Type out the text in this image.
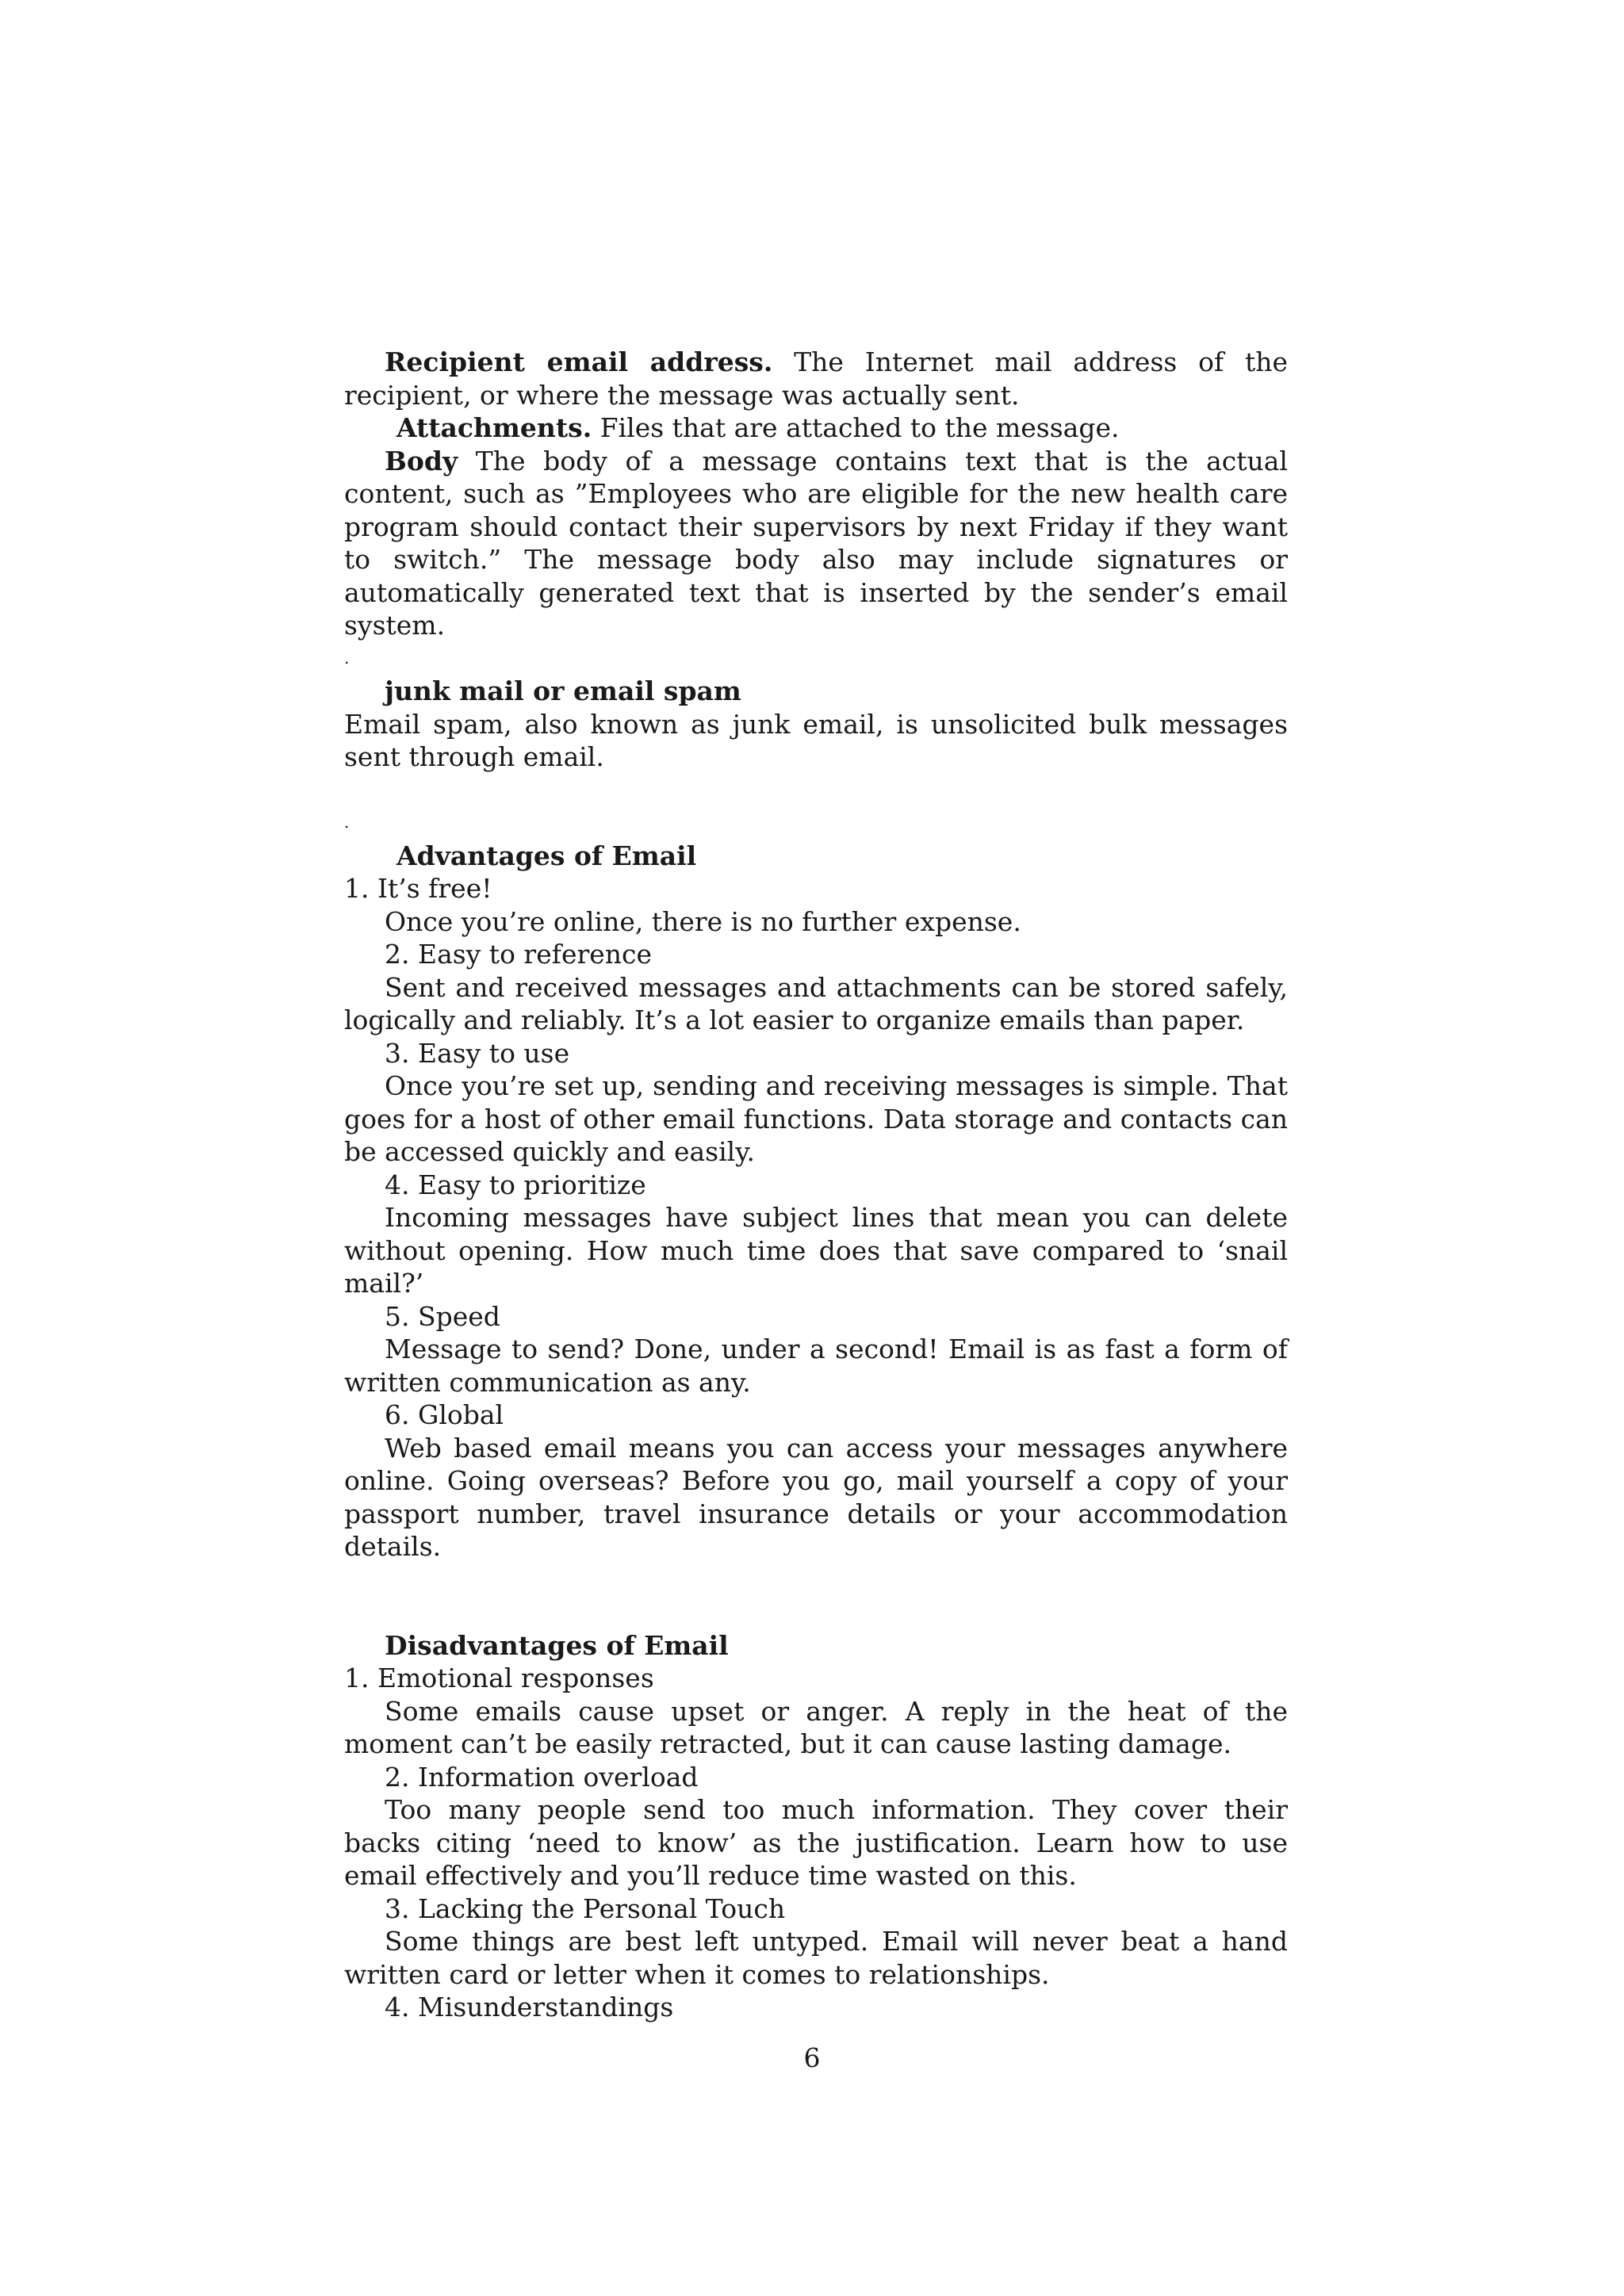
Recipient email address. The Internet mail address of the recipient, or where the message was actually sent.

Attachments. Files that are attached to the message.

Body The body of a message contains text that is the actual content, such as ”Employees who are eligible for the new health care program should contact their supervisors by next Friday if they want to switch.” The message body also may include signatures or automatically generated text that is inserted by the sender’s email system.

.

junk mail or email spam

Email spam, also known as junk email, is unsolicited bulk messages sent through email.

.

Advantages of Email

1. It’s free!

Once you’re online, there is no further expense.

2. Easy to reference

Sent and received messages and attachments can be stored safely, logically and reliably. It’s a lot easier to organize emails than paper.

3. Easy to use

Once you’re set up, sending and receiving messages is simple. That goes for a host of other email functions. Data storage and contacts can be accessed quickly and easily.

4. Easy to prioritize

Incoming messages have subject lines that mean you can delete without opening. How much time does that save compared to ‘snail mail?’

5. Speed

Message to send? Done, under a second! Email is as fast a form of written communication as any.

6. Global

Web based email means you can access your messages anywhere online. Going overseas? Before you go, mail yourself a copy of your passport number, travel insurance details or your accommodation details.

Disadvantages of Email

1. Emotional responses

Some emails cause upset or anger. A reply in the heat of the moment can’t be easily retracted, but it can cause lasting damage.

2. Information overload

Too many people send too much information. They cover their backs citing ‘need to know’ as the justification. Learn how to use email effectively and you’ll reduce time wasted on this.

3. Lacking the Personal Touch

Some things are best left untyped. Email will never beat a hand written card or letter when it comes to relationships.

4. Misunderstandings

6
